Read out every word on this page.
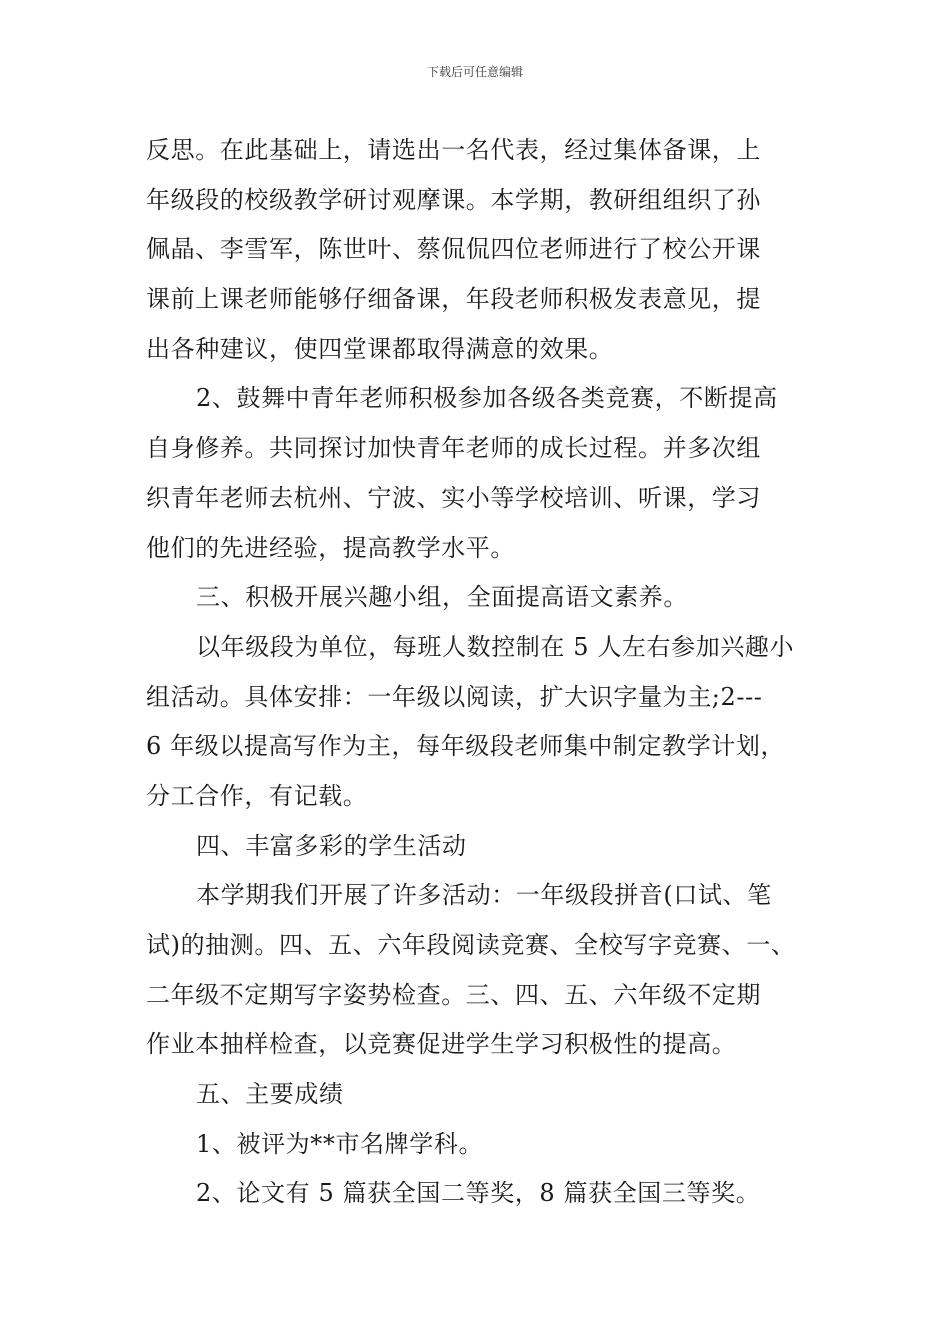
下载后可任意编辑
反思。在此基础上，请选出一名代表，经过集体备课，上
年级段的校级教学研讨观摩课。本学期，教研组组织了孙
佩晶、李雪军，陈世叶、蔡侃侃四位老师进行了校公开课
课前上课老师能够仔细备课，年段老师积极发表意见，提
出各种建议，使四堂课都取得满意的效果。
2、鼓舞中青年老师积极参加各级各类竞赛，不断提高
自身修养。共同探讨加快青年老师的成长过程。并多次组
织青年老师去杭州、宁波、实小等学校培训、听课，学习
他们的先进经验，提高教学水平。
三、积极开展兴趣小组，全面提高语文素养。
以年级段为单位，每班人数控制在 5 人左右参加兴趣小
组活动。具体安排：一年级以阅读，扩大识字量为主;2---
6 年级以提高写作为主，每年级段老师集中制定教学计划，
分工合作，有记载。
四、丰富多彩的学生活动
本学期我们开展了许多活动：一年级段拼音(口试、笔
试)的抽测。四、五、六年段阅读竞赛、全校写字竞赛、一、
二年级不定期写字姿势检查。三、四、五、六年级不定期
作业本抽样检查，以竞赛促进学生学习积极性的提高。
五、主要成绩
1、被评为**市名牌学科。
2、论文有 5 篇获全国二等奖，8 篇获全国三等奖。
